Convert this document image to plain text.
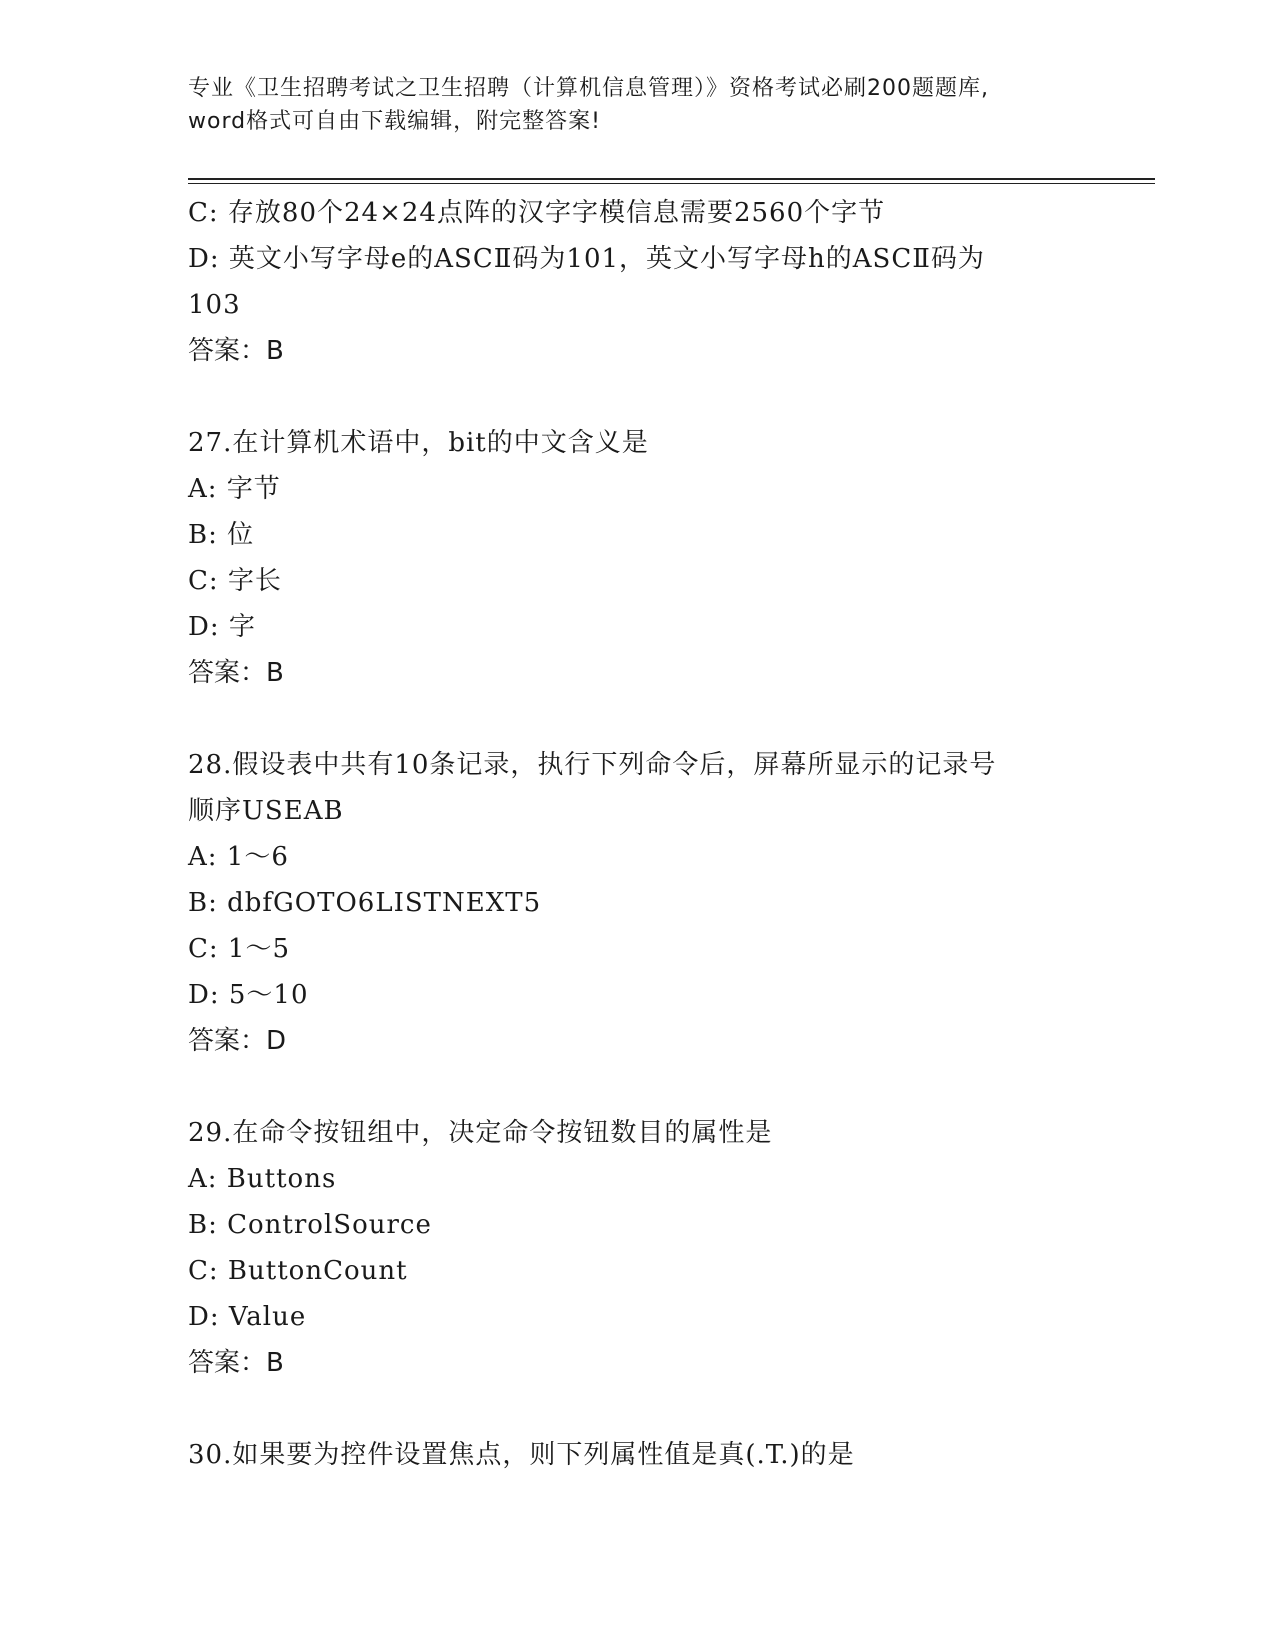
专业《卫生招聘考试之卫生招聘（计算机信息管理）》资格考试必刷200题题库,
word格式可自由下载编辑，附完整答案!
C: 存放80个24×24点阵的汉字字模信息需要2560个字节
D: 英文小写字母e的ASCⅡ码为101，英文小写字母h的ASCⅡ码为
103
答案：B
27.在计算机术语中，bit的中文含义是
A: 字节
B: 位
C: 字长
D: 字
答案：B
28.假设表中共有10条记录，执行下列命令后，屏幕所显示的记录号
顺序USEAB
A: 1～6
B: dbfGOTO6LISTNEXT5
C: 1～5
D: 5～10
答案：D
29.在命令按钮组中，决定命令按钮数目的属性是
A: Buttons
B: ControlSource
C: ButtonCount
D: Value
答案：B
30.如果要为控件设置焦点，则下列属性值是真(.T.)的是
